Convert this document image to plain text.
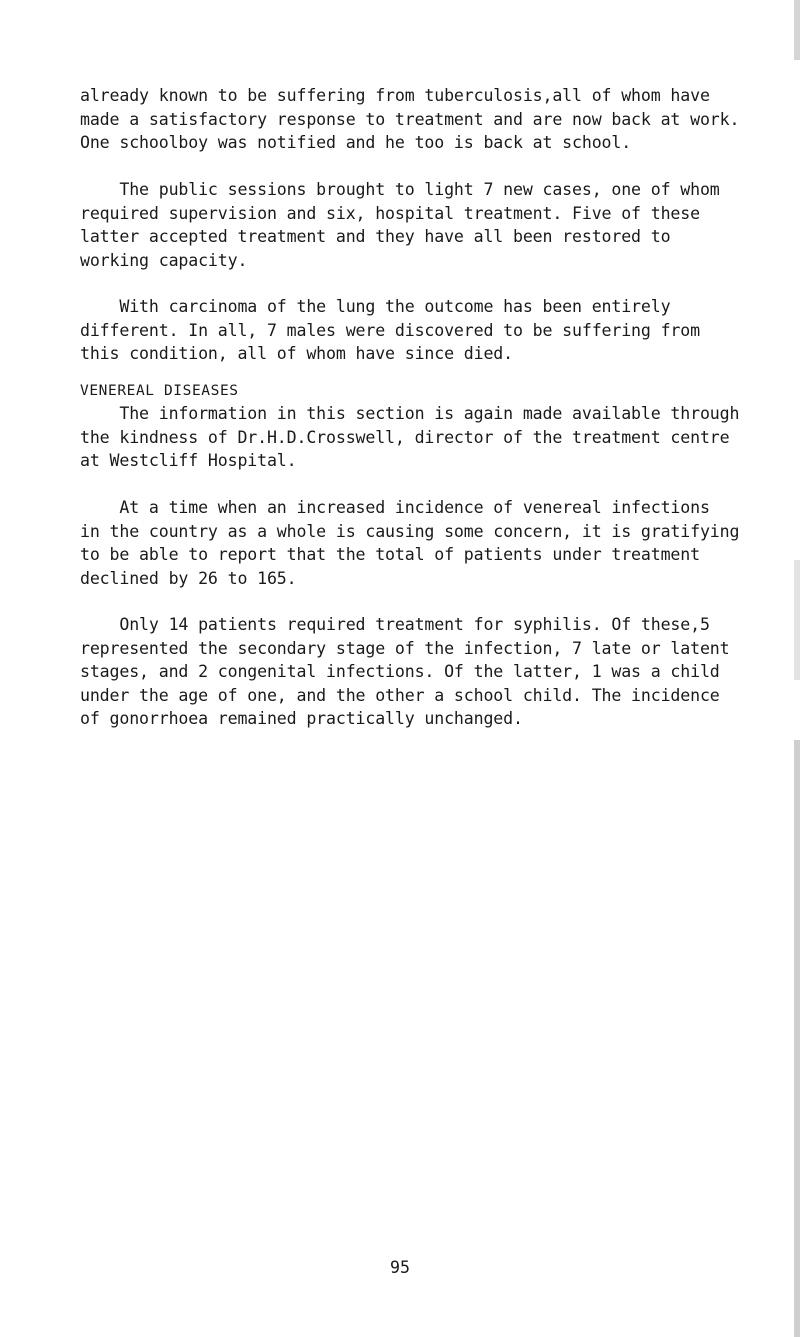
already known to be suffering from tuberculosis,all of whom have
made a satisfactory response to treatment and are now back at work.
One schoolboy was notified and he too is back at school.
The public sessions brought to light 7 new cases, one of whom
required supervision and six, hospital treatment. Five of these
latter accepted treatment and they have all been restored to
working capacity.
With carcinoma of the lung the outcome has been entirely
different. In all, 7 males were discovered to be suffering from
this condition, all of whom have since died.
VENEREAL DISEASES
The information in this section is again made available through
the kindness of Dr.H.D.Crosswell, director of the treatment centre
at Westcliff Hospital.
At a time when an increased incidence of venereal infections
in the country as a whole is causing some concern, it is gratifying
to be able to report that the total of patients under treatment
declined by 26 to 165.
Only 14 patients required treatment for syphilis. Of these,5
represented the secondary stage of the infection, 7 late or latent
stages, and 2 congenital infections. Of the latter, 1 was a child
under the age of one, and the other a school child. The incidence
of gonorrhoea remained practically unchanged.
95
